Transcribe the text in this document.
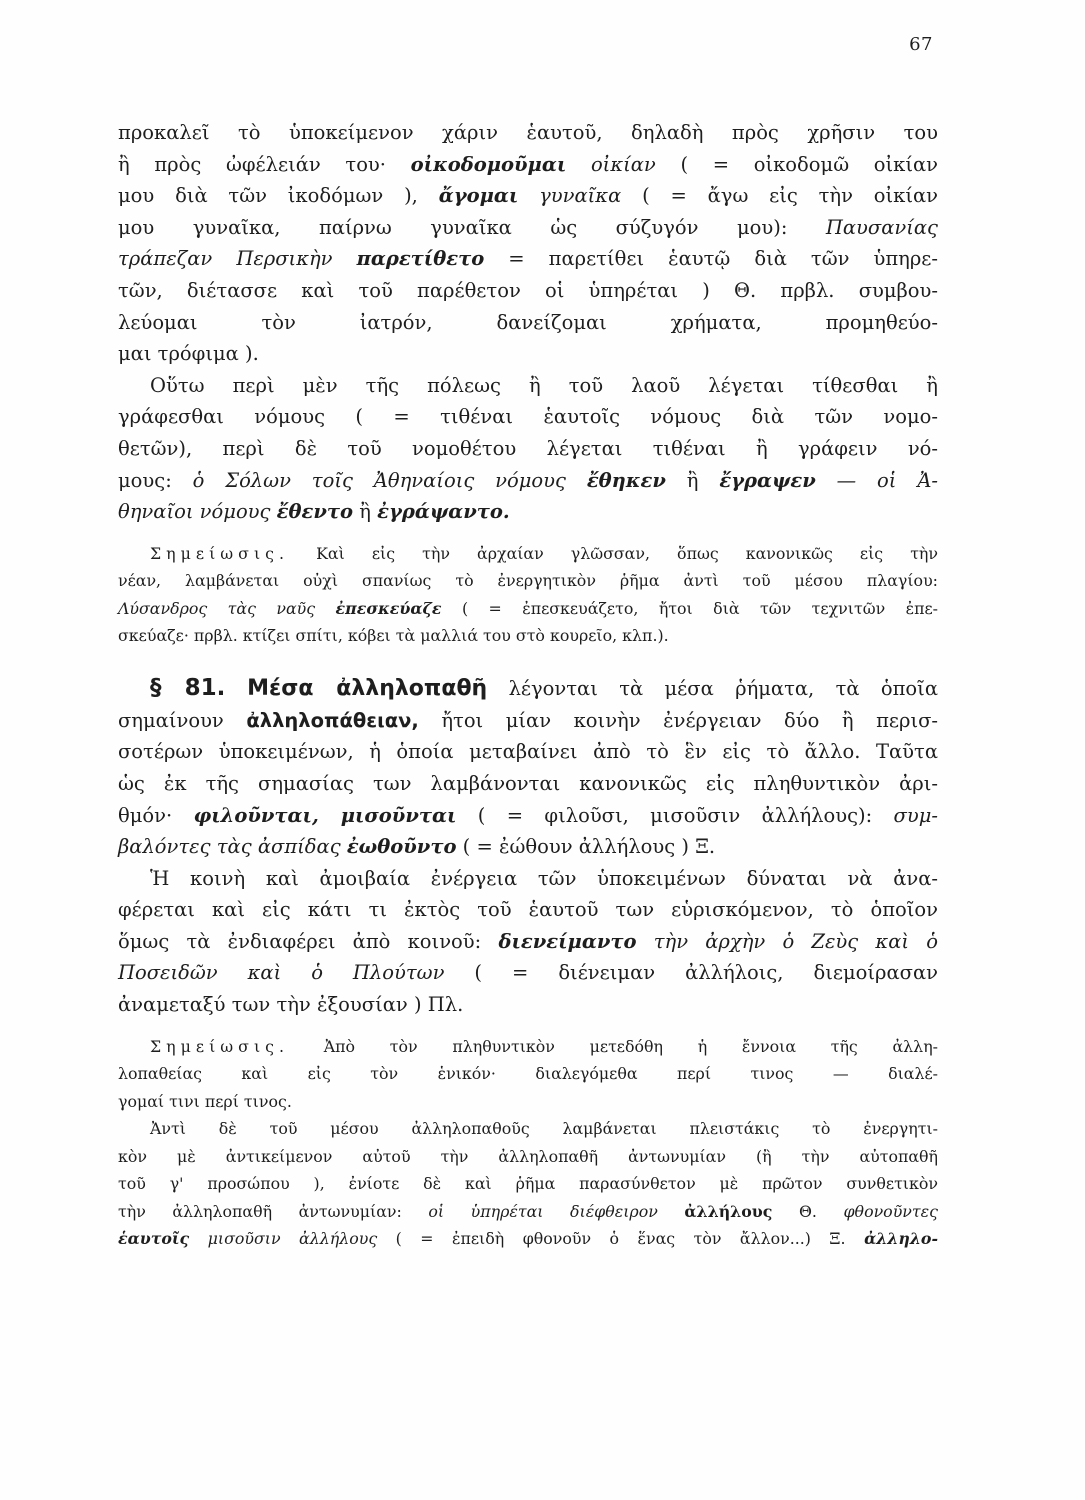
67
προκαλεῖ τὸ ὑποκείμενον χάριν ἑαυτοῦ, δηλαδὴ πρὸς χρῆσιν του
ἢ πρὸς ὠφέλειάν του· οἰκοδομοῦμαι οἰκίαν ( = οἰκοδομῶ οἰκίαν
μου διὰ τῶν ἰκοδόμων ), ἄγομαι γυναῖκα ( = ἄγω εἰς τὴν οἰκίαν
μου γυναῖκα, παίρνω γυναῖκα ὡς σύζυγόν μου): Παυσανίας
τράπεζαν Περσικὴν παρετίθετο = παρετίθει ἑαυτῷ διὰ τῶν ὑπηρε-
τῶν, διέτασσε καὶ τοῦ παρέθετον οἱ ὑπηρέται ) Θ. πρβλ. συμβου-
λεύομαι τὸν ἰατρόν, δανείζομαι χρήματα, προμηθεύο-
μαι τρόφιμα ).
Οὕτω περὶ μὲν τῆς πόλεως ἢ τοῦ λαοῦ λέγεται τίθεσθαι ἢ
γράφεσθαι νόμους ( = τιθέναι ἑαυτοῖς νόμους διὰ τῶν νομο-
θετῶν), περὶ δὲ τοῦ νομοθέτου λέγεται τιθέναι ἢ γράφειν νό-
μους: ὁ Σόλων τοῖς Ἀθηναίοις νόμους ἔθηκεν ἢ ἔγραψεν — οἱ Ἀ-
θηναῖοι νόμους ἔθεντο ἢ ἐγράψαντο.
Σημείωσις. Καὶ εἰς τὴν ἀρχαίαν γλῶσσαν, ὅπως κανονικῶς εἰς τὴν
νέαν, λαμβάνεται οὐχὶ σπανίως τὸ ἐνεργητικὸν ῥῆμα ἀντὶ τοῦ μέσου πλαγίου:
Λύσανδρος τὰς ναῦς ἐπεσκεύαζε ( = ἐπεσκευάζετο, ἤτοι διὰ τῶν τεχνιτῶν ἐπε-
σκεύαζε· πρβλ. κτίζει σπίτι, κόβει τὰ μαλλιά του στὸ κουρεῖο, κλπ.).
§ 81. Μέσα ἀλληλοπαθῆ λέγονται τὰ μέσα ῥήματα, τὰ ὁποῖα
σημαίνουν ἀλληλοπάθειαν, ἤτοι μίαν κοινὴν ἐνέργειαν δύο ἢ περισ-
σοτέρων ὑποκειμένων, ἡ ὁποία μεταβαίνει ἀπὸ τὸ ἓν εἰς τὸ ἄλλο. Ταῦτα
ὡς ἐκ τῆς σημασίας των λαμβάνονται κανονικῶς εἰς πληθυντικὸν ἀρι-
θμόν· φιλοῦνται, μισοῦνται ( = φιλοῦσι, μισοῦσιν ἀλλήλους): συμ-
βαλόντες τὰς ἀσπίδας ἐωθοῦντο ( = ἐώθουν ἀλλήλους ) Ξ.
Ἡ κοινὴ καὶ ἀμοιβαία ἐνέργεια τῶν ὑποκειμένων δύναται νὰ ἀνα-
φέρεται καὶ εἰς κάτι τι ἐκτὸς τοῦ ἑαυτοῦ των εὑρισκόμενον, τὸ ὁποῖον
ὅμως τὰ ἐνδιαφέρει ἀπὸ κοινοῦ: διενείμαντο τὴν ἀρχὴν ὁ Ζεὺς καὶ ὁ
Ποσειδῶν καὶ ὁ Πλούτων ( = διένειμαν ἀλλήλοις, διεμοίρασαν
ἀναμεταξύ των τὴν ἐξουσίαν ) Πλ.
Σημείωσις. Ἀπὸ τὸν πληθυντικὸν μετεδόθη ἡ ἔννοια τῆς ἀλλη-
λοπαθείας καὶ εἰς τὸν ἑνικόν· διαλεγόμεθα περί τινος — διαλέ-
γομαί τινι περί τινος.
Ἀντὶ δὲ τοῦ μέσου ἀλληλοπαθοῦς λαμβάνεται πλειστάκις τὸ ἐνεργητι-
κὸν μὲ ἀντικείμενον αὐτοῦ τὴν ἀλληλοπαθῆ ἀντωνυμίαν (ἢ τὴν αὐτοπαθῆ
τοῦ γ' προσώπου ), ἐνίοτε δὲ καὶ ῥῆμα παρασύνθετον μὲ πρῶτον συνθετικὸν
τὴν ἀλληλοπαθῆ ἀντωνυμίαν: οἱ ὑπηρέται διέφθειρον ἀλλήλους Θ. φθονοῦντες
ἑαυτοῖς μισοῦσιν ἀλλήλους ( = ἐπειδὴ φθονοῦν ὁ ἕνας τὸν ἄλλον...) Ξ. ἀλληλο-
